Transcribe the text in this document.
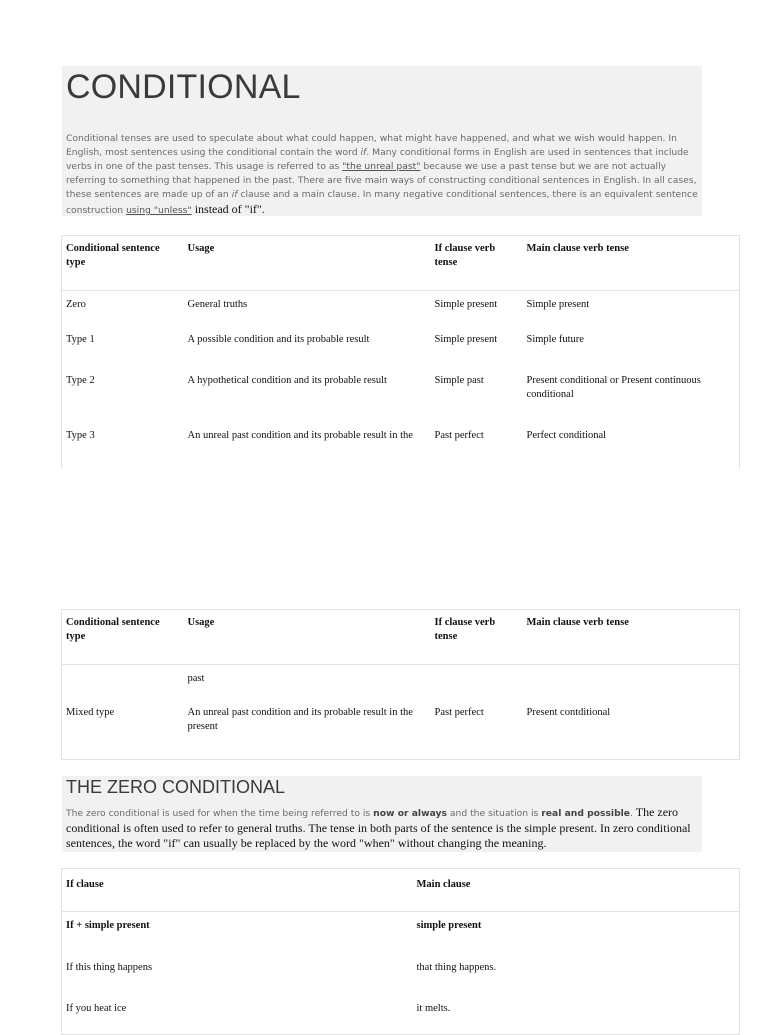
CONDITIONAL

Conditional tenses are used to speculate about what could happen, what might have happened, and what we wish would happen. In English, most sentences using the conditional contain the word if. Many conditional forms in English are used in sentences that include verbs in one of the past tenses. This usage is referred to as "the unreal past" because we use a past tense but we are not actually referring to something that happened in the past. There are five main ways of constructing conditional sentences in English. In all cases, these sentences are made up of an if clause and a main clause. In many negative conditional sentences, there is an equivalent sentence construction using "unless" instead of "if".

Conditional sentence type	Usage	If clause verb tense	Main clause verb tense
Zero	General truths	Simple present	Simple present
Type 1	A possible condition and its probable result	Simple present	Simple future
Type 2	A hypothetical condition and its probable result	Simple past	Present conditional or Present continuous conditional
Type 3	An unreal past condition and its probable result in the	Past perfect	Perfect conditional
Conditional sentence type	Usage	If clause verb tense	Main clause verb tense
	past		
Mixed type	An unreal past condition and its probable result in the present	Past perfect	Present contditional
THE ZERO CONDITIONAL

The zero conditional is used for when the time being referred to is now or always and the situation is real and possible. The zero conditional is often used to refer to general truths. The tense in both parts of the sentence is the simple present. In zero conditional sentences, the word "if" can usually be replaced by the word "when" without changing the meaning.

If clause	Main clause
If + simple present	simple present
If this thing happens	that thing happens.
If you heat ice	it melts.
